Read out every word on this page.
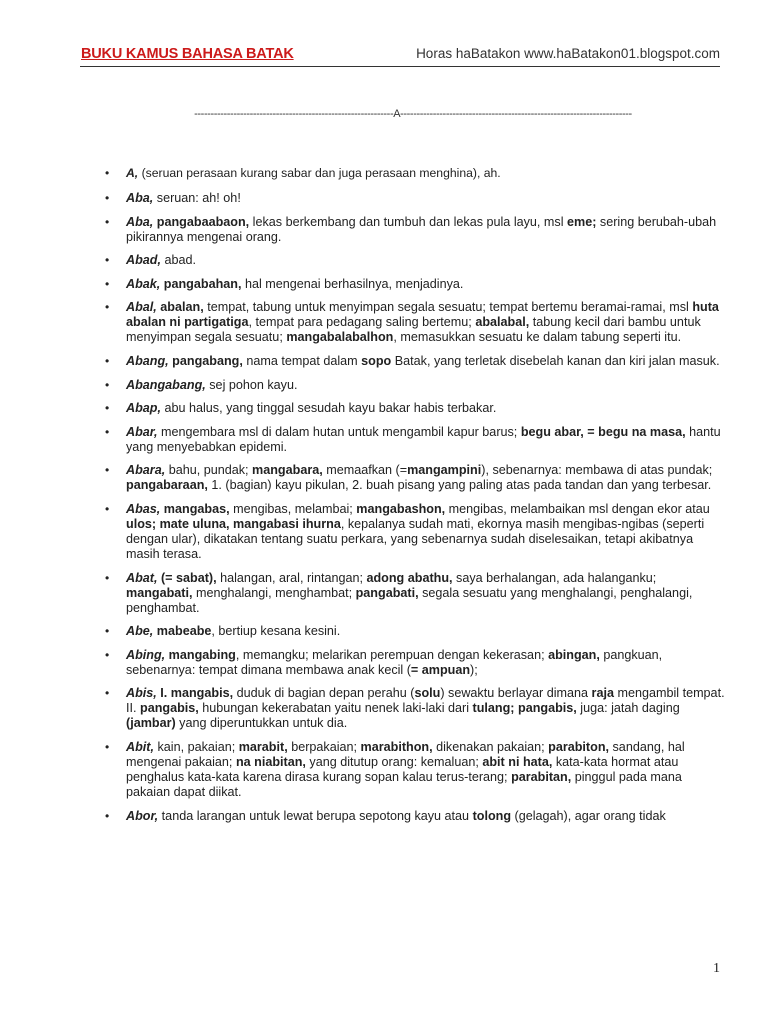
BUKU KAMUS BAHASA BATAK	Horas haBatakon www.haBatakon01.blogspot.com
-------------------------------------------------------------A-----------------------------------------------------------------------
• A, (seruan perasaan kurang sabar dan juga perasaan menghina), ah.
• Aba, seruan: ah! oh!
• Aba, pangabaabaon, lekas berkembang dan tumbuh dan lekas pula layu, msl eme; sering berubah-ubah pikirannya mengenai orang.
• Abad, abad.
• Abak, pangabahan, hal mengenai berhasilnya, menjadinya.
• Abal, abalan, tempat, tabung untuk menyimpan segala sesuatu; tempat bertemu beramai-ramai, msl huta abalan ni partigatiga, tempat para pedagang saling bertemu; abalabal, tabung kecil dari bambu untuk menyimpan segala sesuatu; mangabalabalhon, memasukkan sesuatu ke dalam tabung seperti itu.
• Abang, pangabang, nama tempat dalam sopo Batak, yang terletak disebelah kanan dan kiri jalan masuk.
• Abangabang, sej pohon kayu.
• Abap, abu halus, yang tinggal sesudah kayu bakar habis terbakar.
• Abar, mengembara msl di dalam hutan untuk mengambil kapur barus; begu abar, = begu na masa, hantu yang menyebabkan epidemi.
• Abara, bahu, pundak; mangabara, memaafkan (=mangampini), sebenarnya: membawa di atas pundak; pangabaraan, 1. (bagian) kayu pikulan, 2. buah pisang yang paling atas pada tandan dan yang terbesar.
• Abas, mangabas, mengibas, melambai; mangabashon, mengibas, melambaikan msl dengan ekor atau ulos; mate uluna, mangabasi ihurna, kepalanya sudah mati, ekornya masih mengibas-ngibas (seperti dengan ular), dikatakan tentang suatu perkara, yang sebenarnya sudah diselesaikan, tetapi akibatnya masih terasa.
• Abat, (= sabat), halangan, aral, rintangan; adong abathu, saya berhalangan, ada halanganku; mangabati, menghalangi, menghambat; pangabati, segala sesuatu yang menghalangi, penghalangi, penghambat.
• Abe, mabeabe, bertiup kesana kesini.
• Abing, mangabing, memangku; melarikan perempuan dengan kekerasan; abingan, pangkuan, sebenarnya: tempat dimana membawa anak kecil (= ampuan);
• Abis, I. mangabis, duduk di bagian depan perahu (solu) sewaktu berlayar dimana raja mengambil tempat. II. pangabis, hubungan kekerabatan yaitu nenek laki-laki dari tulang; pangabis, juga: jatah daging (jambar) yang diperuntukkan untuk dia.
• Abit, kain, pakaian; marabit, berpakaian; marabithon, dikenakan pakaian; parabiton, sandang, hal mengenai pakaian; na niabitan, yang ditutup orang: kemaluan; abit ni hata, kata-kata hormat atau penghalus kata-kata karena dirasa kurang sopan kalau terus-terang; parabitan, pinggul pada mana pakaian dapat diikat.
• Abor, tanda larangan untuk lewat berupa sepotong kayu atau tolong (gelagah), agar orang tidak
1
